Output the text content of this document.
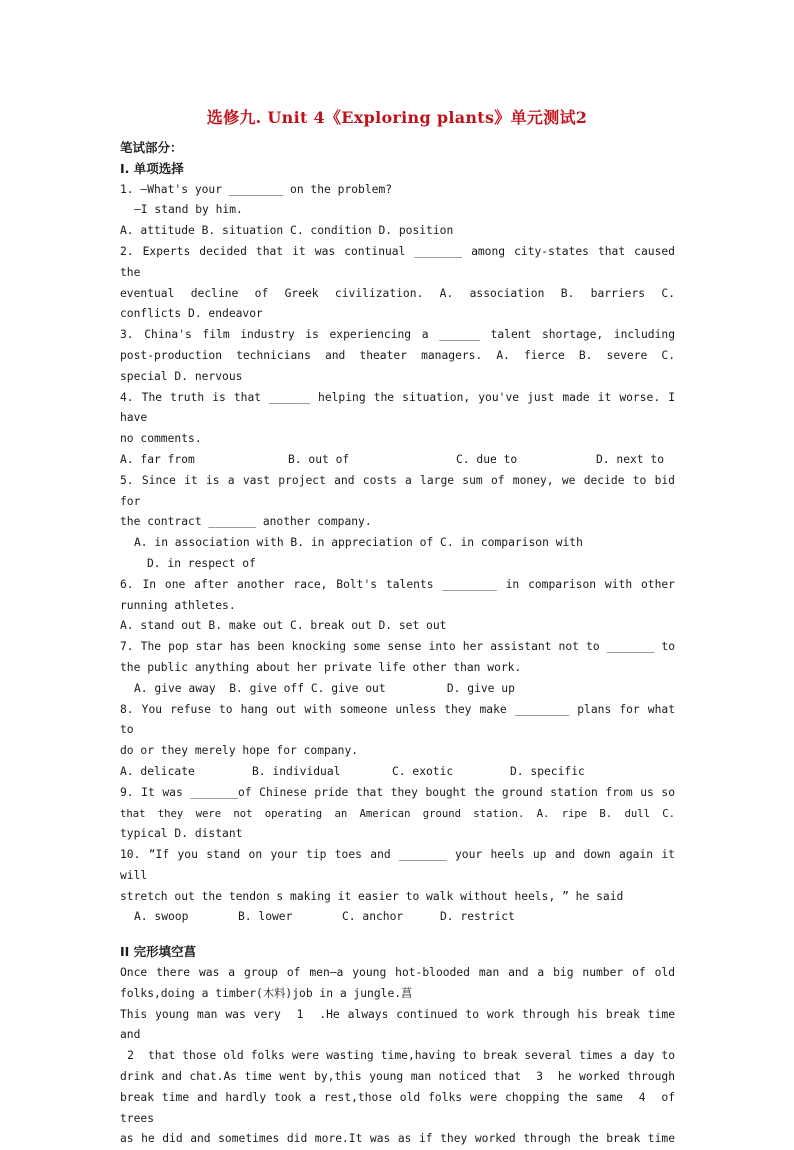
选修九. Unit 4《Exploring plants》单元测试2

笔试部分：

I. 单项选择

1. —What's your ________ on the problem?

—I stand by him.

A. attitude B. situation C. condition D. position

2. Experts decided that it was continual _______ among city-states that caused the

eventual decline of Greek civilization. A. association B. barriers C.

conflicts D. endeavor

3. China's film industry is experiencing a ______ talent shortage, including

post-production technicians and theater managers. A. fierce B. severe C.

special D. nervous

4. The truth is that ______ helping the situation, you've just made it worse. I have

no comments.

A. far from	B. out of	C. due to	D. next to

5. Since it is a vast project and costs a large sum of money, we decide to bid for

the contract _______ another company.

A. in association with B. in appreciation of C. in comparison with

D. in respect of

6. In one after another race, Bolt's talents ________ in comparison with other

running athletes.

A. stand out B. make out C. break out D. set out

7. The pop star has been knocking some sense into her assistant not to _______ to

the public anything about her private life other than work.

A. give away  B. give off C. give out         D. give up

8. You refuse to hang out with someone unless they make ________ plans for what to

do or they merely hope for company.

A. delicate	B. individual	C. exotic	D. specific

9. It was _______of Chinese pride that they bought the ground station from us so

that they were not operating an American ground station. A. ripe B. dull C.

typical D. distant

10. “If you stand on your tip toes and _______ your heels up and down again it will

stretch out the tendon s making it easier to walk without heels, ” he said

A. swoop	B. lower	C. anchor	D. restrict

II 完形填空菖

Once there was a group of men—a young hot-blooded man and a big number of old

folks,doing a timber(木料)job in a jungle.菖

This young man was very  1  .He always continued to work through his break time and

2  that those old folks were wasting time,having to break several times a day to

drink and chat.As time went by,this young man noticed that  3  he worked through

break time and hardly took a rest,those old folks were chopping the same  4  of trees

as he did and sometimes did more.It was as if they worked through the break time
